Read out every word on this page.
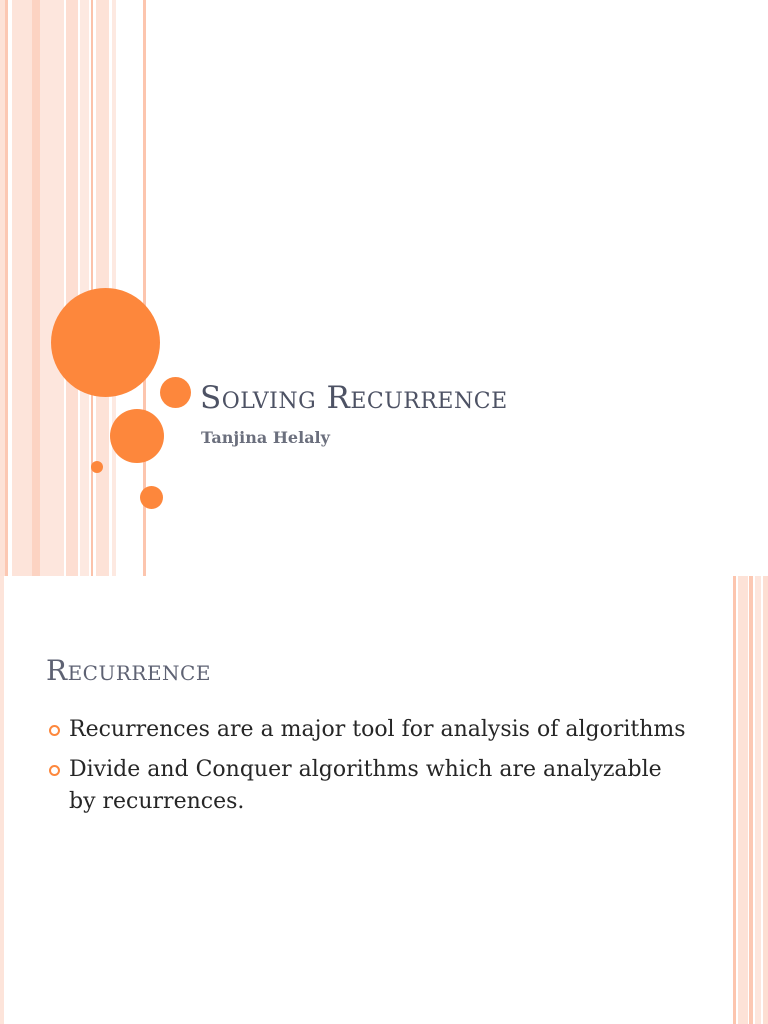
Solving Recurrence

Tanjina Helaly

Recurrence
Recurrences are a major tool for analysis of algorithms
Divide and Conquer algorithms which are analyzable by recurrences.
